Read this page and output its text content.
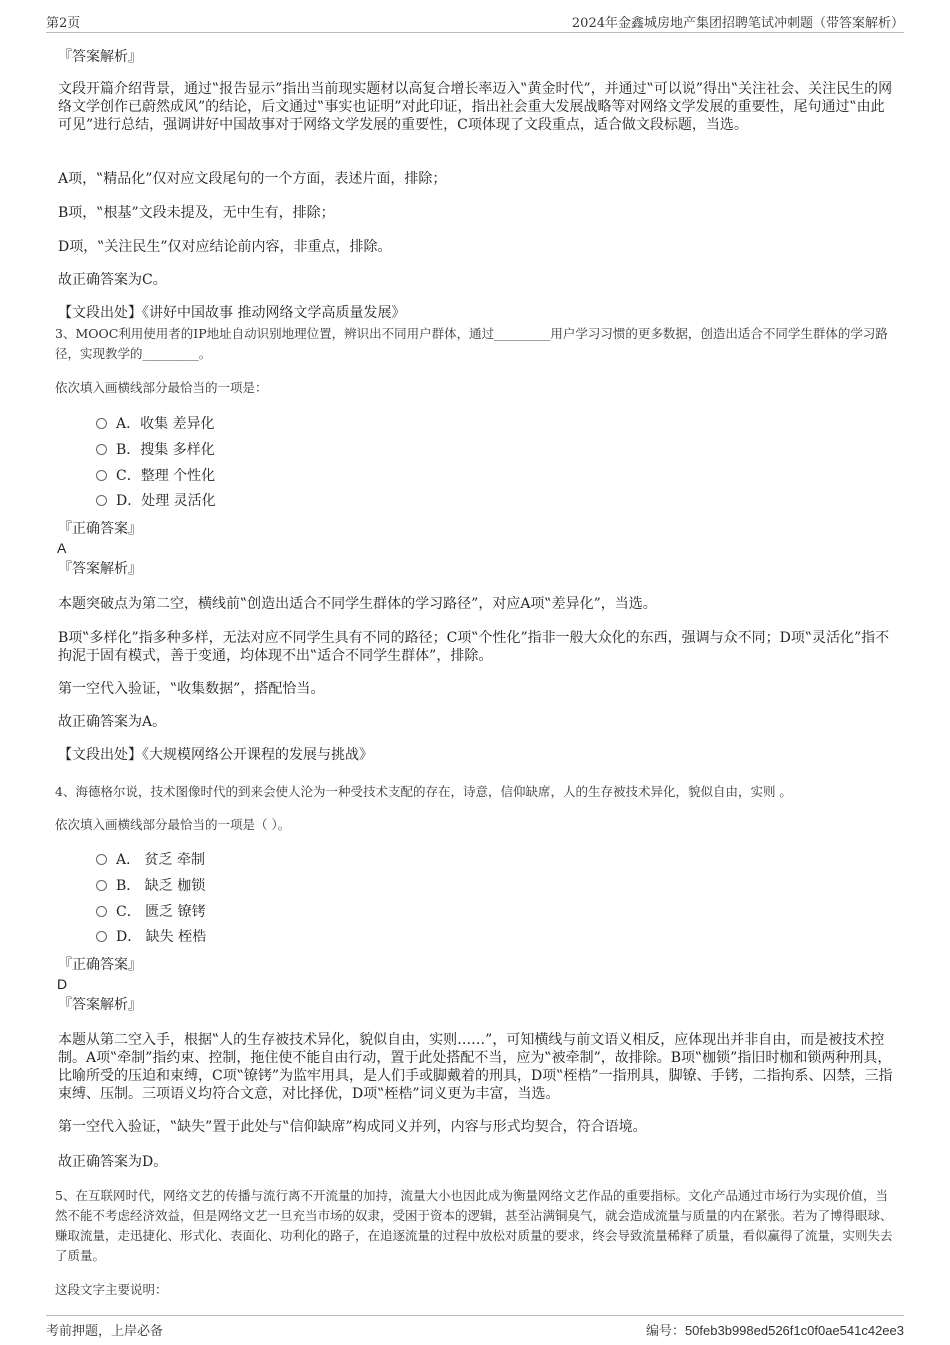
第2页	2024年金鑫城房地产集团招聘笔试冲刺题（带答案解析）
『答案解析』
文段开篇介绍背景，通过‟报告显示”指出当前现实题材以高复合增长率迈入‟黄金时代”，并通过‟可以说”得出‟关注社会、关注民生的网络文学创作已蔚然成风”的结论，后文通过‟事实也证明”对此印证，指出社会重大发展战略等对网络文学发展的重要性，尾句通过‟由此可见”进行总结，强调讲好中国故事对于网络文学发展的重要性，C项体现了文段重点，适合做文段标题，当选。
A项，‟精品化”仅对应文段尾句的一个方面，表述片面，排除；
B项，‟根基”文段未提及，无中生有，排除；
D项，‟关注民生”仅对应结论前内容，非重点，排除。
故正确答案为C。
【文段出处】《讲好中国故事 推动网络文学高质量发展》
3、MOOC利用使用者的IP地址自动识别地理位置，辨识出不同用户群体，通过_________用户学习习惯的更多数据，创造出适合不同学生群体的学习路径，实现教学的_________。
依次填入画横线部分最恰当的一项是：
A．收集 差异化
B．搜集 多样化
C．整理 个性化
D．处理 灵活化
『正确答案』
A
『答案解析』
本题突破点为第二空，横线前‟创造出适合不同学生群体的学习路径”，对应A项‟差异化”，当选。
B项‟多样化”指多种多样，无法对应不同学生具有不同的路径；C项‟个性化”指非一般大众化的东西，强调与众不同；D项‟灵活化”指不拘泥于固有模式，善于变通，均体现不出‟适合不同学生群体”，排除。
第一空代入验证，‟收集数据”，搭配恰当。
故正确答案为A。
【文段出处】《大规模网络公开课程的发展与挑战》
4、海德格尔说，技术图像时代的到来会使人沦为一种受技术支配的存在，诗意，信仰缺席，人的生存被技术异化，貌似自由，实则 。
依次填入画横线部分最恰当的一项是（ ）。
A． 贫乏 牵制
B． 缺乏 枷锁
C． 匮乏 镣铐
D． 缺失 桎梏
『正确答案』
D
『答案解析』
本题从第二空入手，根据‟人的生存被技术异化，貌似自由，实则……”，可知横线与前文语义相反，应体现出并非自由，而是被技术控制。A项‟牵制”指约束、控制，拖住使不能自由行动，置于此处搭配不当，应为‟被牵制”，故排除。B项‟枷锁”指旧时枷和锁两种刑具，比喻所受的压迫和束缚，C项‟镣铐”为监牢用具，是人们手或脚戴着的刑具，D项‟桎梏”一指刑具，脚镣、手铐，二指拘系、囚禁，三指束缚、压制。三项语义均符合文意，对比择优，D项‟桎梏”词义更为丰富，当选。
第一空代入验证，‟缺失”置于此处与‟信仰缺席”构成同义并列，内容与形式均契合，符合语境。
故正确答案为D。
5、在互联网时代，网络文艺的传播与流行离不开流量的加持，流量大小也因此成为衡量网络文艺作品的重要指标。文化产品通过市场行为实现价值，当然不能不考虑经济效益，但是网络文艺一旦充当市场的奴隶，受困于资本的逻辑，甚至沾满铜臭气，就会造成流量与质量的内在紧张。若为了博得眼球、赚取流量，走迅捷化、形式化、表面化、功利化的路子，在追逐流量的过程中放松对质量的要求，终会导致流量稀释了质量，看似赢得了流量，实则失去了质量。
这段文字主要说明：
考前押题，上岸必备	编号：50feb3b998ed526f1c0f0ae541c42ee3
